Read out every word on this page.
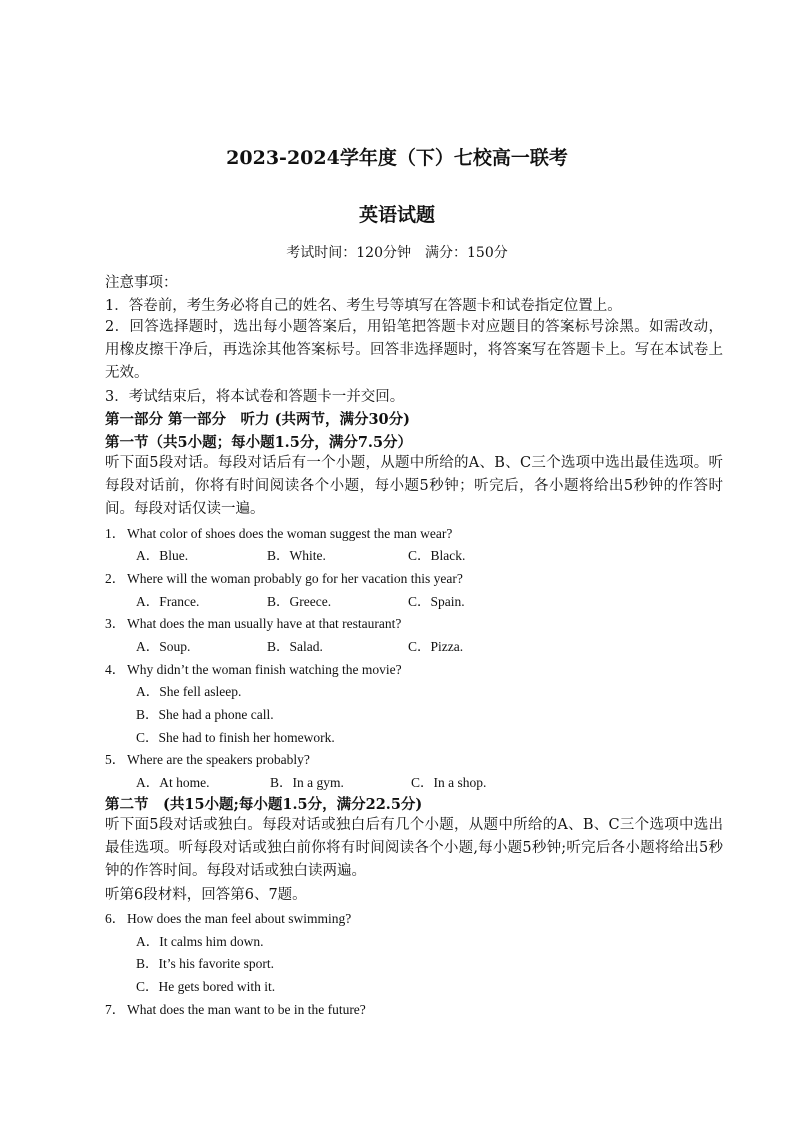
2023-2024学年度（下）七校高一联考
英语试题
考试时间：120分钟 满分：150分
注意事项：
1．答卷前，考生务必将自己的姓名、考生号等填写在答题卡和试卷指定位置上。
2．回答选择题时，选出每小题答案后，用铅笔把答题卡对应题目的答案标号涂黑。如需改动，用橡皮擦干净后，再选涂其他答案标号。回答非选择题时，将答案写在答题卡上。写在本试卷上无效。
3．考试结束后，将本试卷和答题卡一并交回。
第一部分 第一部分　听力 (共两节，满分30分)
第一节（共5小题；每小题1.5分，满分7.5分）
听下面5段对话。每段对话后有一个小题，从题中所给的A、B、C三个选项中选出最佳选项。听每段对话前，你将有时间阅读各个小题，每小题5秒钟；听完后，各小题将给出5秒钟的作答时间。每段对话仅读一遍。
1． What color of shoes does the woman suggest the man wear?
A．Blue.	B．White.	C．Black.
2． Where will the woman probably go for her vacation this year?
A．France.	B．Greece.	C．Spain.
3． What does the man usually have at that restaurant?
A．Soup.	B．Salad.	C．Pizza.
4． Why didn’t the woman finish watching the movie?
A．She fell asleep.
B．She had a phone call.
C．She had to finish her homework.
5． Where are the speakers probably?
A．At home.	B．In a gym.	C．In a shop.
第二节　(共15小题;每小题1.5分，满分22.5分)
听下面5段对话或独白。每段对话或独白后有几个小题，从题中所给的A、B、C三个选项中选出最佳选项。听每段对话或独白前你将有时间阅读各个小题,每小题5秒钟;听完后各小题将给出5秒钟的作答时间。每段对话或独白读两遍。
听第6段材料，回答第6、7题。
6． How does the man feel about swimming?
A．It calms him down.
B．It’s his favorite sport.
C．He gets bored with it.
7． What does the man want to be in the future?
